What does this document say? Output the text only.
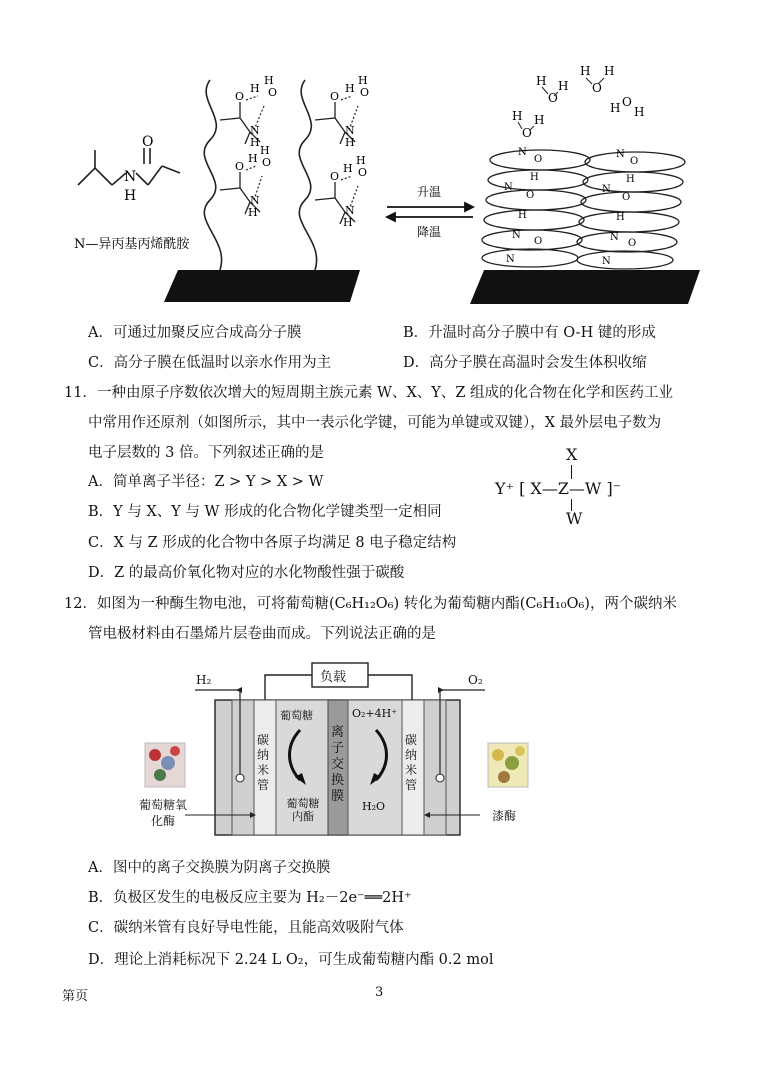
O
N
H
N—异丙基丙烯酰胺
O
N
H
H O
H
O
N
H
H O
H
O
N
H
H O
H
O
N
H
H O
H
升温
降温
N
O
H
N
O
H
N
O
N
N
O
H
N
O
H
N
O
N
H
O
H
H
O
H
H
O
H
H O
H
A．可通过加聚反应合成高分子膜	B．升温时高分子膜中有 O-H 键的形成
C．高分子膜在低温时以亲水作用为主	D．高分子膜在高温时会发生体积收缩
11．一种由原子序数依次增大的短周期主族元素 W、X、Y、Z 组成的化合物在化学和医药工业
中常用作还原剂（如图所示，其中一表示化学键，可能为单键或双键），X 最外层电子数为
电子层数的 3 倍。下列叙述正确的是
A．简单离子半径：Z > Y > X > W
B．Y 与 X、Y 与 W 形成的化合物化学键类型一定相同
C．X 与 Z 形成的化合物中各原子均满足 8 电子稳定结构
D．Z 的最高价氧化物对应的水化物酸性强于碳酸
X
Y⁺ [ X—Z—W ]⁻
W
12．如图为一种酶生物电池，可将葡萄糖(C₆H₁₂O₆) 转化为葡萄糖内酯(C₆H₁₀O₆)，两个碳纳米
管电极材料由石墨烯片层卷曲而成。下列说法正确的是
负载
H₂	O₂
碳纳米管
碳纳米管
葡萄糖
葡萄糖内酯
离子交换膜
O₂+4H⁺
H₂O
葡萄糖氧化酶	漆酶
A．图中的离子交换膜为阴离子交换膜
B．负极区发生的电极反应主要为 H₂－2e⁻══2H⁺
C．碳纳米管有良好导电性能，且能高效吸附气体
D．理论上消耗标况下 2.24 L O₂，可生成葡萄糖内酯 0.2 mol
第页	3
